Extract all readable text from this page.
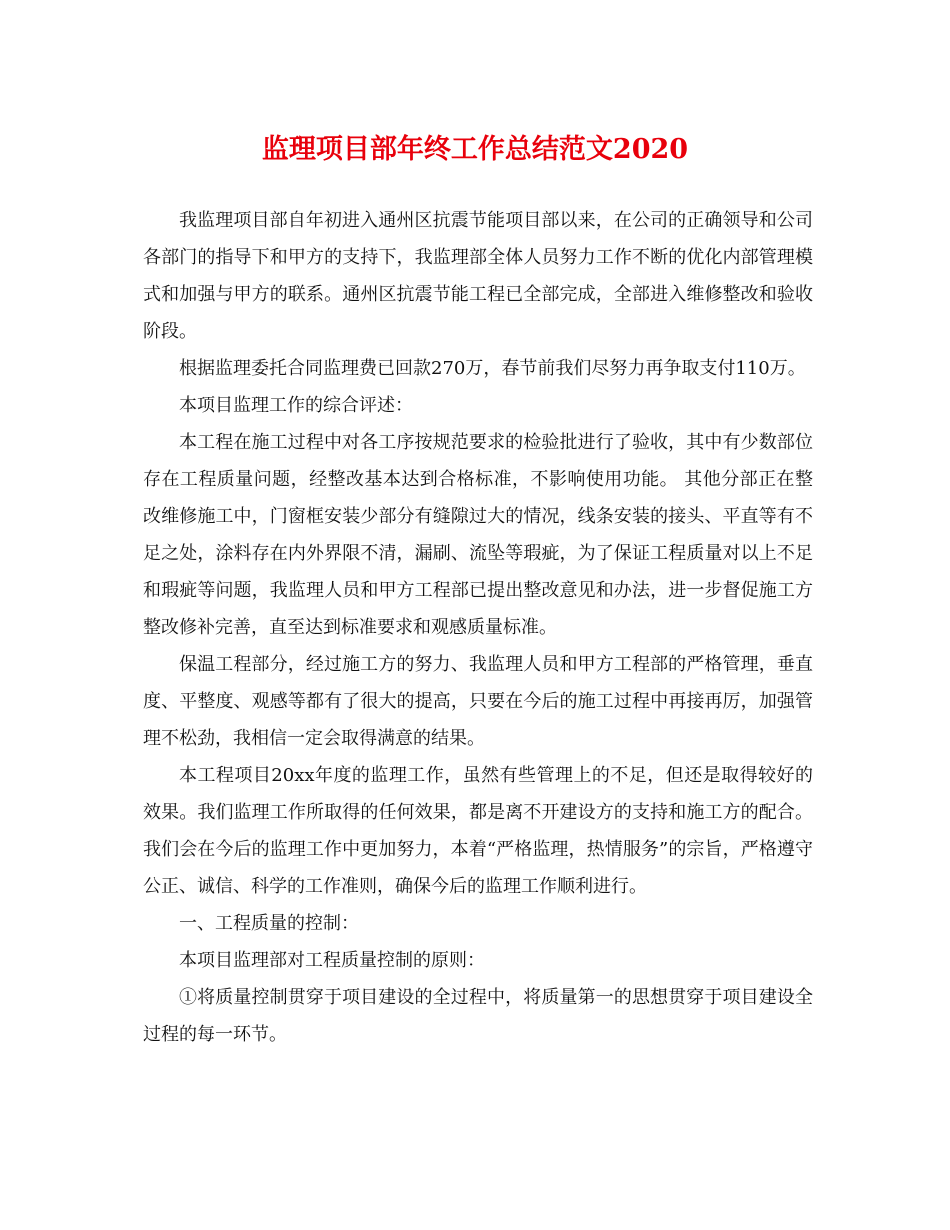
监理项目部年终工作总结范文2020

我监理项目部自年初进入通州区抗震节能项目部以来，在公司的正确领导和公司各部门的指导下和甲方的支持下，我监理部全体人员努力工作不断的优化内部管理模式和加强与甲方的联系。通州区抗震节能工程已全部完成，全部进入维修整改和验收阶段。

根据监理委托合同监理费已回款270万，春节前我们尽努力再争取支付110万。

本项目监理工作的综合评述：

本工程在施工过程中对各工序按规范要求的检验批进行了验收，其中有少数部位存在工程质量问题，经整改基本达到合格标准，不影响使用功能。 其他分部正在整改维修施工中，门窗框安装少部分有缝隙过大的情况，线条安装的接头、平直等有不足之处，涂料存在内外界限不清，漏刷、流坠等瑕疵，为了保证工程质量对以上不足和瑕疵等问题，我监理人员和甲方工程部已提出整改意见和办法，进一步督促施工方整改修补完善，直至达到标准要求和观感质量标准。

保温工程部分，经过施工方的努力、我监理人员和甲方工程部的严格管理，垂直度、平整度、观感等都有了很大的提高，只要在今后的施工过程中再接再厉，加强管理不松劲，我相信一定会取得满意的结果。

本工程项目20xx年度的监理工作，虽然有些管理上的不足，但还是取得较好的效果。我们监理工作所取得的任何效果，都是离不开建设方的支持和施工方的配合。我们会在今后的监理工作中更加努力，本着“严格监理，热情服务”的宗旨，严格遵守公正、诚信、科学的工作准则，确保今后的监理工作顺利进行。

一、工程质量的控制：

本项目监理部对工程质量控制的原则：

①将质量控制贯穿于项目建设的全过程中，将质量第一的思想贯穿于项目建设全过程的每一环节。
